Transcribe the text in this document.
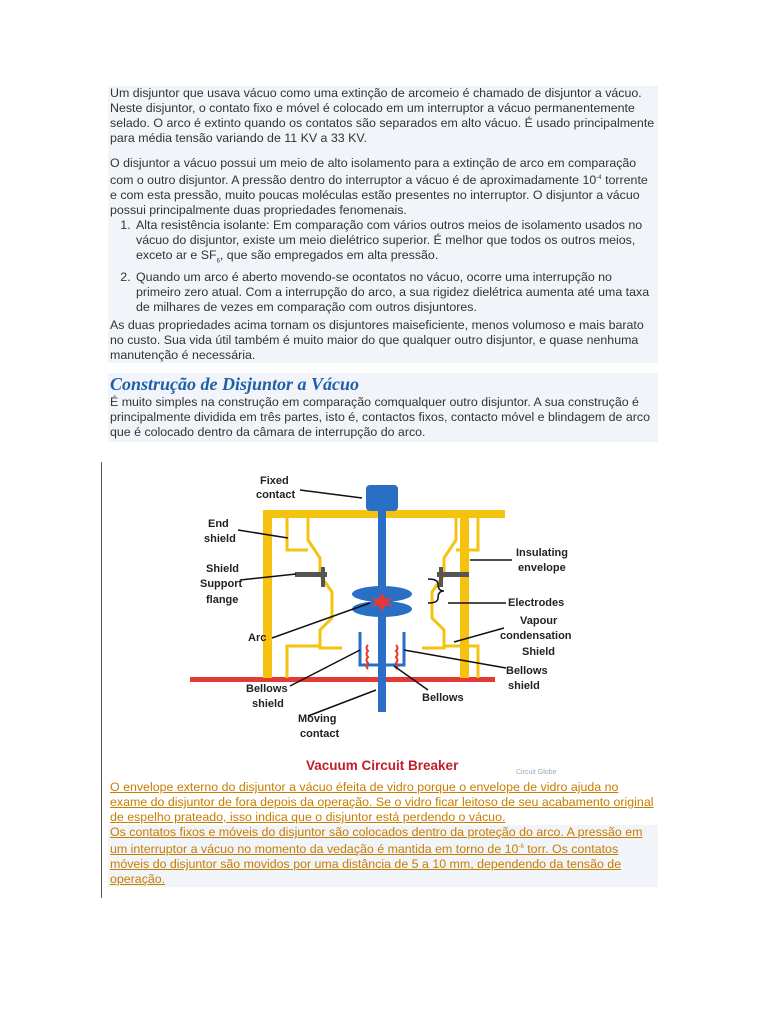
Um disjuntor que usava vácuo como uma extinção de arcomeio é chamado de disjuntor a vácuo. Neste disjuntor, o contato fixo e móvel é colocado em um interruptor a vácuo permanentemente selado. O arco é extinto quando os contatos são separados em alto vácuo. É usado principalmente para média tensão variando de 11 KV a 33 KV.

O disjuntor a vácuo possui um meio de alto isolamento para a extinção de arco em comparação com o outro disjuntor. A pressão dentro do interruptor a vácuo é de aproximadamente $10^{-4}$ torrente e com esta pressão, muito poucas moléculas estão presentes no interruptor. O disjuntor a vácuo possui principalmente duas propriedades fenomenais.

1. Alta resistência isolante: Em comparação com vários outros meios de isolamento usados no vácuo do disjuntor, existe um meio dielétrico superior. É melhor que todos os outros meios, exceto ar e $SF_6$, que são empregados em alta pressão.
2. Quando um arco é aberto movendo-se ocontatos no vácuo, ocorre uma interrupção no primeiro zero atual. Com a interrupção do arco, a sua rigidez dielétrica aumenta até uma taxa de milhares de vezes em comparação com outros disjuntores.

As duas propriedades acima tornam os disjuntores maiseficiente, menos volumoso e mais barato no custo. Sua vida útil também é muito maior do que qualquer outro disjuntor, e quase nenhuma manutenção é necessária.

Construção de Disjuntor a Vácuo

É muito simples na construção em comparação comqualquer outro disjuntor. A sua construção é principalmente dividida em três partes, isto é, contactos fixos, contacto móvel e blindagem de arco que é colocado dentro da câmara de interrupção do arco.

Fixed
contact
End
shield
Shield
Support
flange
Arc
Bellows
shield
Moving
contact
Insulating
envelope
Electrodes
Vapour
condensation
Shield
Bellows
shield
Bellows
Vacuum Circuit Breaker	Circuit Globe

O envelope externo do disjuntor a vácuo éfeita de vidro porque o envelope de vidro ajuda no exame do disjuntor de fora depois da operação. Se o vidro ficar leitoso de seu acabamento original de espelho prateado, isso indica que o disjuntor está perdendo o vácuo.

Os contatos fixos e móveis do disjuntor são colocados dentro da proteção do arco. A pressão em um interruptor a vácuo no momento da vedação é mantida em torno de $10^{-6}$ torr. Os contatos móveis do disjuntor são movidos por uma distância de 5 a 10 mm, dependendo da tensão de operação.
